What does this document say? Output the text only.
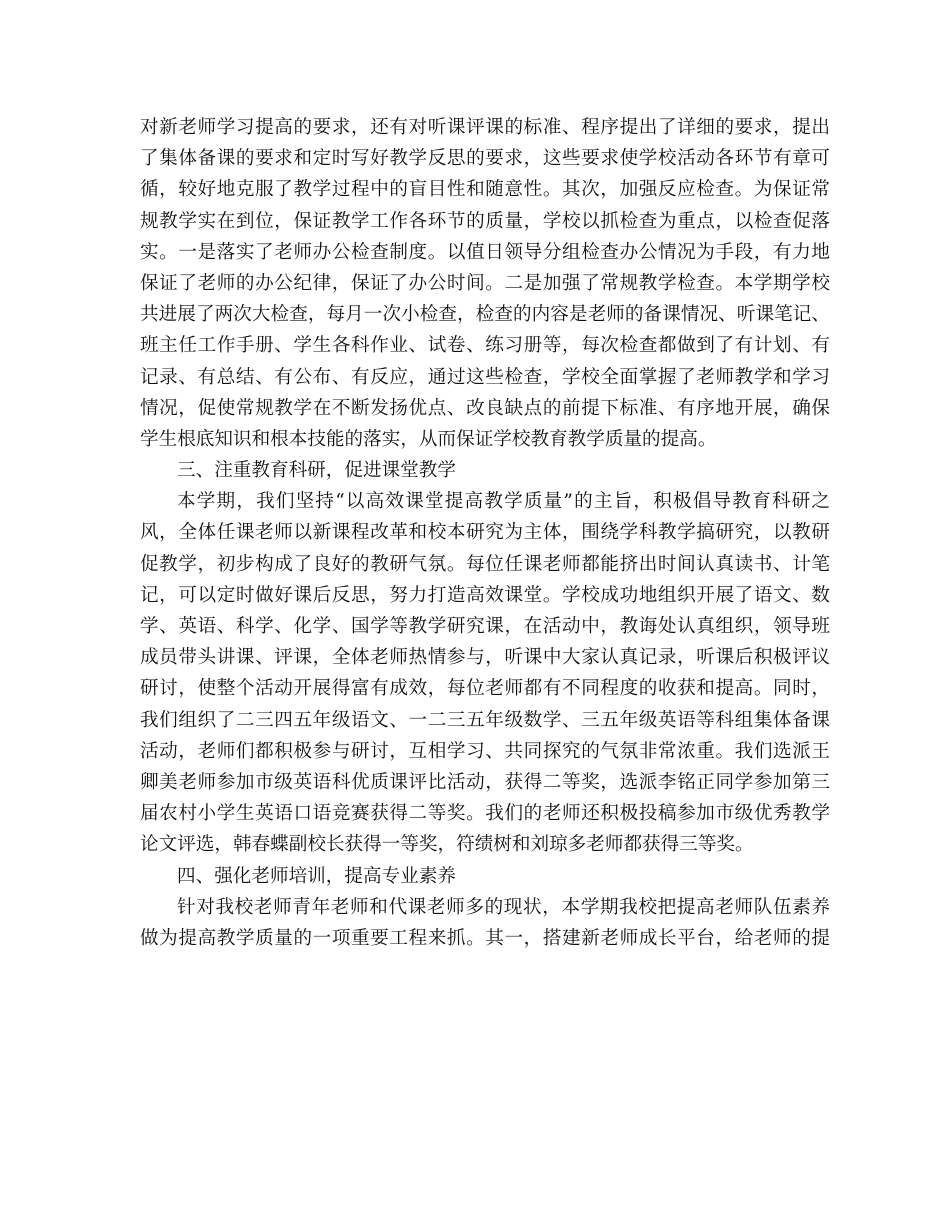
对新老师学习提高的要求，还有对听课评课的标准、程序提出了详细的要求，提出
了集体备课的要求和定时写好教学反思的要求，这些要求使学校活动各环节有章可
循，较好地克服了教学过程中的盲目性和随意性。其次，加强反应检查。为保证常
规教学实在到位，保证教学工作各环节的质量，学校以抓检查为重点，以检查促落
实。一是落实了老师办公检查制度。以值日领导分组检查办公情况为手段，有力地
保证了老师的办公纪律，保证了办公时间。二是加强了常规教学检查。本学期学校
共进展了两次大检查，每月一次小检查，检查的内容是老师的备课情况、听课笔记、
班主任工作手册、学生各科作业、试卷、练习册等，每次检查都做到了有计划、有
记录、有总结、有公布、有反应，通过这些检查，学校全面掌握了老师教学和学习
情况，促使常规教学在不断发扬优点、改良缺点的前提下标准、有序地开展，确保
学生根底知识和根本技能的落实，从而保证学校教育教学质量的提高。
三、注重教育科研，促进课堂教学
本学期，我们坚持“以高效课堂提高教学质量”的主旨，积极倡导教育科研之
风，全体任课老师以新课程改革和校本研究为主体，围绕学科教学搞研究，以教研
促教学，初步构成了良好的教研气氛。每位任课老师都能挤出时间认真读书、计笔
记，可以定时做好课后反思，努力打造高效课堂。学校成功地组织开展了语文、数
学、英语、科学、化学、国学等教学研究课，在活动中，教诲处认真组织，领导班
成员带头讲课、评课，全体老师热情参与，听课中大家认真记录，听课后积极评议
研讨，使整个活动开展得富有成效，每位老师都有不同程度的收获和提高。同时，
我们组织了二三四五年级语文、一二三五年级数学、三五年级英语等科组集体备课
活动，老师们都积极参与研讨，互相学习、共同探究的气氛非常浓重。我们选派王
卿美老师参加市级英语科优质课评比活动，获得二等奖，选派李铭正同学参加第三
届农村小学生英语口语竞赛获得二等奖。我们的老师还积极投稿参加市级优秀教学
论文评选，韩春蝶副校长获得一等奖，符绩树和刘琼多老师都获得三等奖。
四、强化老师培训，提高专业素养
针对我校老师青年老师和代课老师多的现状，本学期我校把提高老师队伍素养
做为提高教学质量的一项重要工程来抓。其一，搭建新老师成长平台，给老师的提
